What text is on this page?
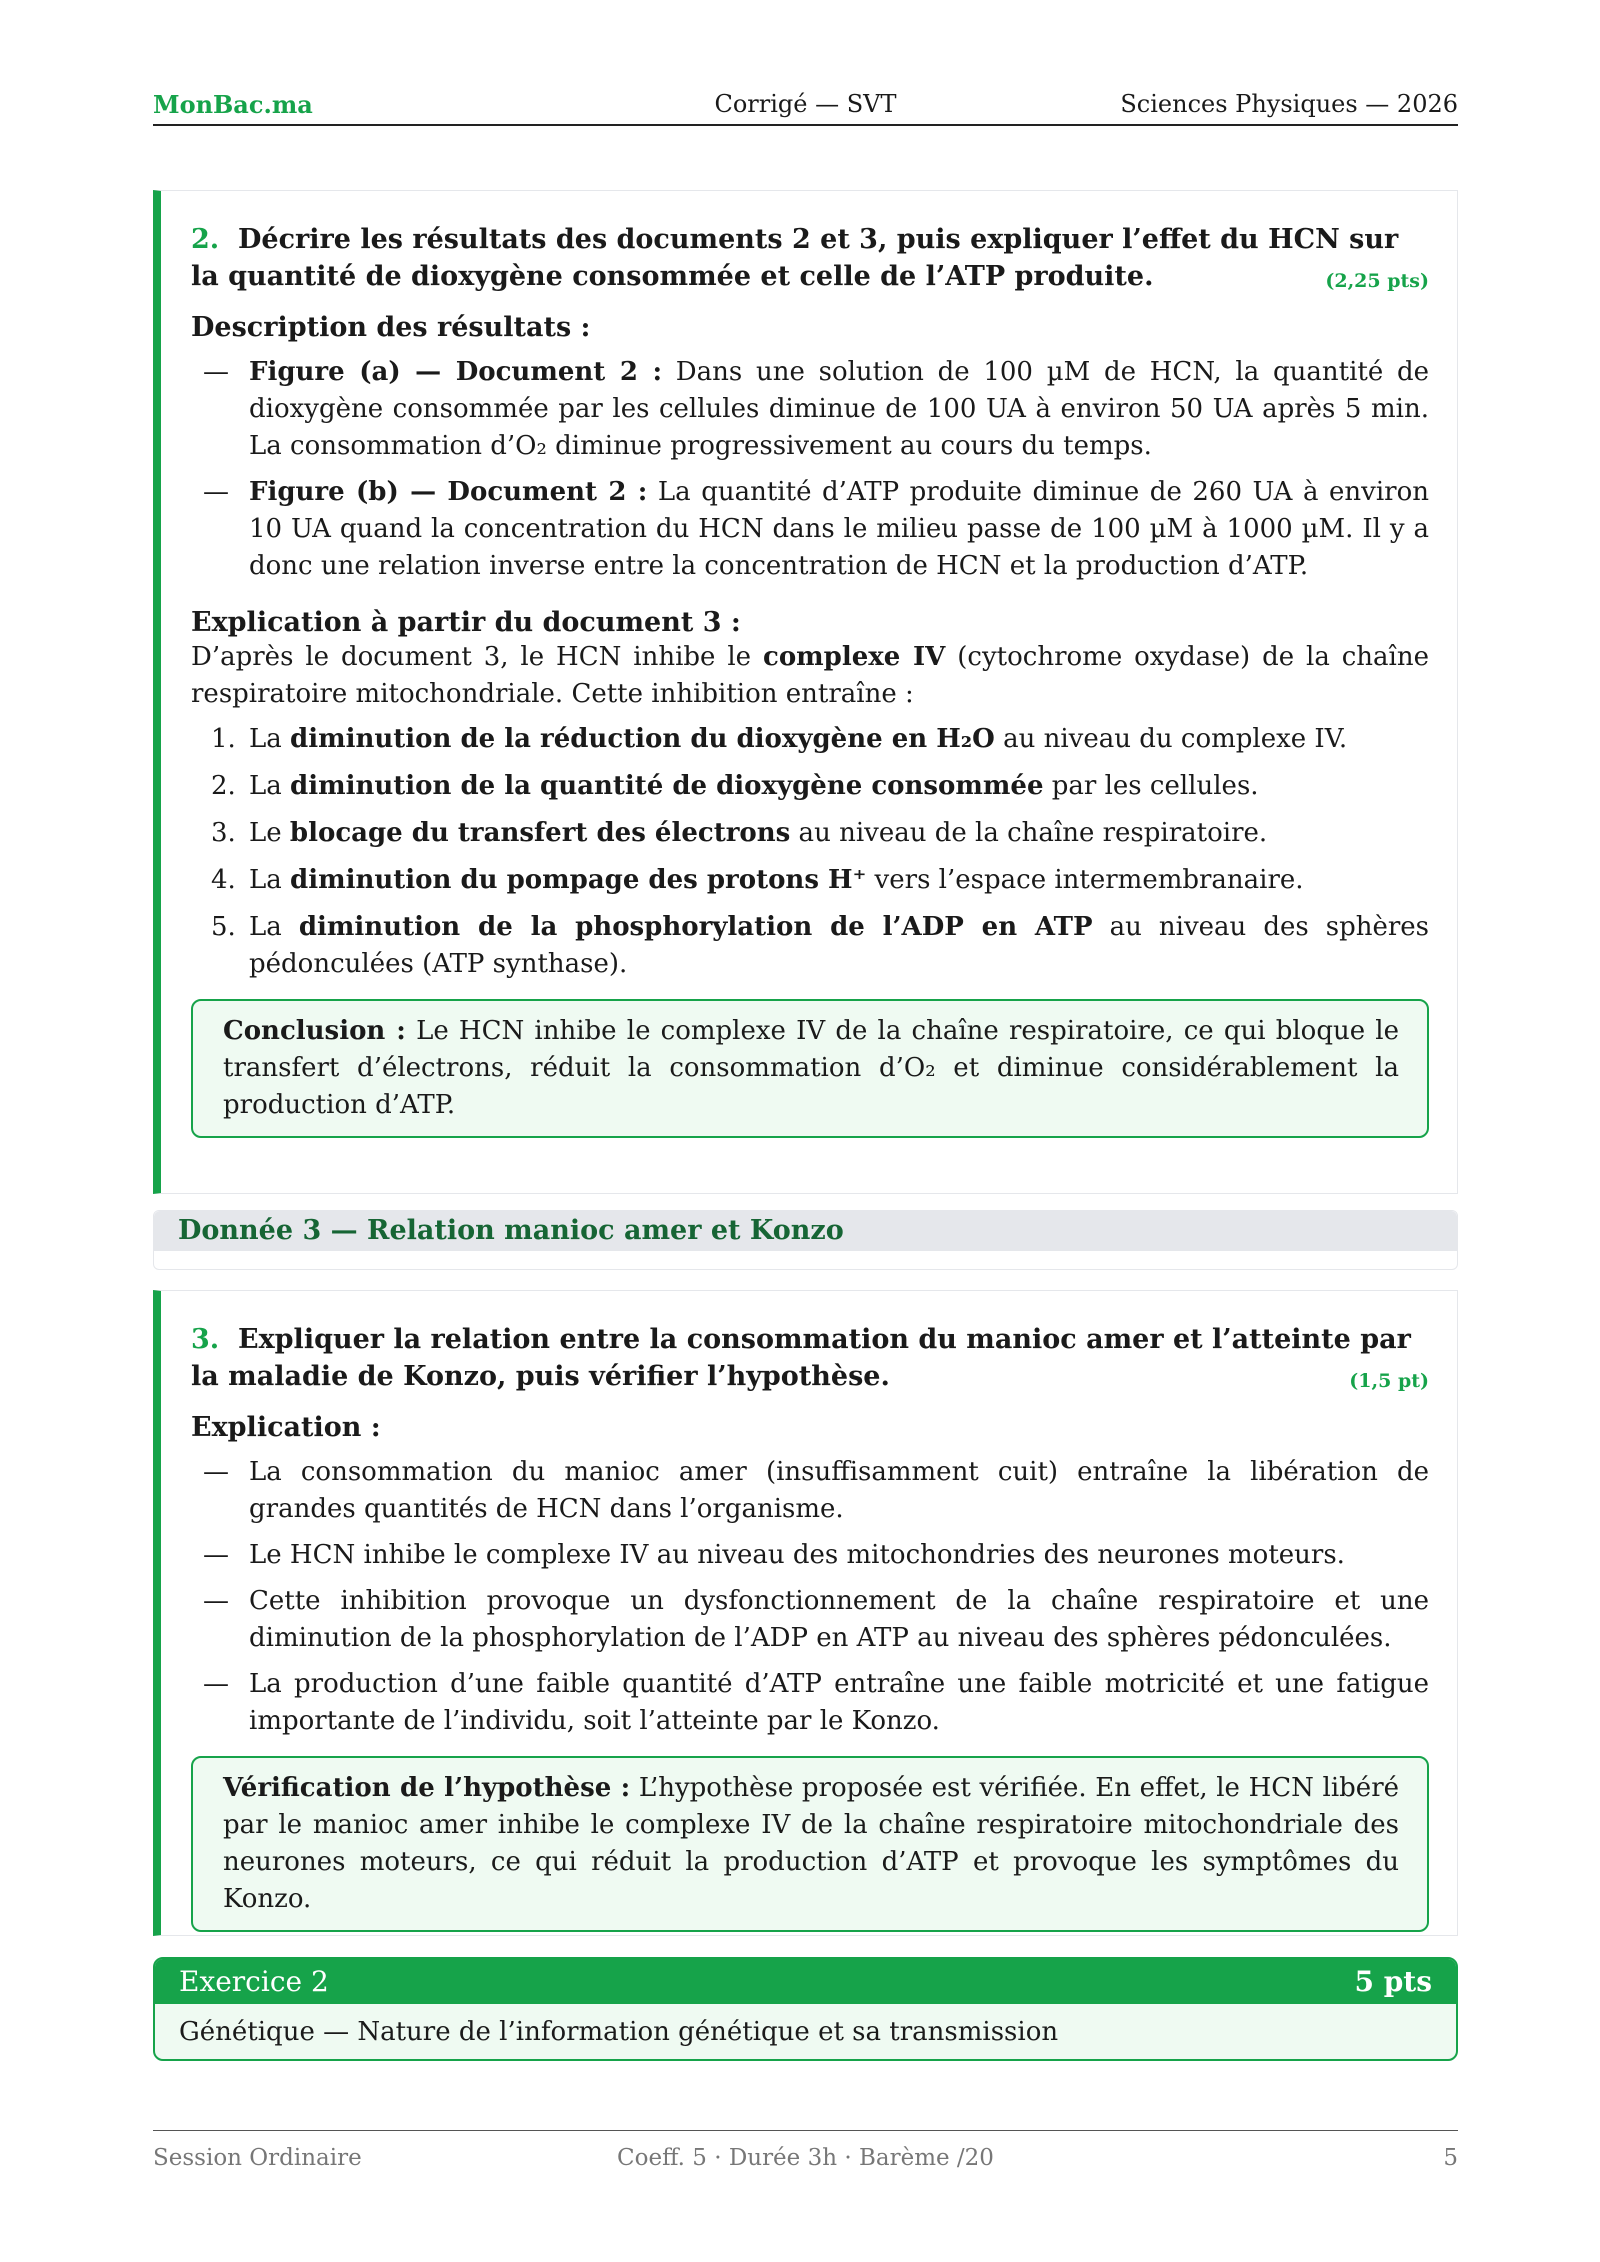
MonBac.ma	Corrigé — SVT	Sciences Physiques — 2026
2. Décrire les résultats des documents 2 et 3, puis expliquer l’effet du HCN sur la quantité de dioxygène consommée et celle de l’ATP produite.	(2,25 pts)
Description des résultats :
— Figure (a) — Document 2 : Dans une solution de 100 µM de HCN, la quantité de dioxygène consommée par les cellules diminue de 100 UA à environ 50 UA après 5 min. La consommation d’O₂ diminue progressivement au cours du temps.
— Figure (b) — Document 2 : La quantité d’ATP produite diminue de 260 UA à environ 10 UA quand la concentration du HCN dans le milieu passe de 100 µM à 1000 µM. Il y a donc une relation inverse entre la concentration de HCN et la production d’ATP.
Explication à partir du document 3 :
D’après le document 3, le HCN inhibe le complexe IV (cytochrome oxydase) de la chaîne respiratoire mitochondriale. Cette inhibition entraîne :
1. La diminution de la réduction du dioxygène en H₂O au niveau du complexe IV.
2. La diminution de la quantité de dioxygène consommée par les cellules.
3. Le blocage du transfert des électrons au niveau de la chaîne respiratoire.
4. La diminution du pompage des protons H⁺ vers l’espace intermembranaire.
5. La diminution de la phosphorylation de l’ADP en ATP au niveau des sphères pédonculées (ATP synthase).
Conclusion : Le HCN inhibe le complexe IV de la chaîne respiratoire, ce qui bloque le transfert d’électrons, réduit la consommation d’O₂ et diminue considérablement la production d’ATP.
Donnée 3 — Relation manioc amer et Konzo
3. Expliquer la relation entre la consommation du manioc amer et l’atteinte par la maladie de Konzo, puis vérifier l’hypothèse.	(1,5 pt)
Explication :
— La consommation du manioc amer (insuffisamment cuit) entraîne la libération de grandes quantités de HCN dans l’organisme.
— Le HCN inhibe le complexe IV au niveau des mitochondries des neurones moteurs.
— Cette inhibition provoque un dysfonctionnement de la chaîne respiratoire et une diminution de la phosphorylation de l’ADP en ATP au niveau des sphères pédonculées.
— La production d’une faible quantité d’ATP entraîne une faible motricité et une fatigue importante de l’individu, soit l’atteinte par le Konzo.
Vérification de l’hypothèse : L’hypothèse proposée est vérifiée. En effet, le HCN libéré par le manioc amer inhibe le complexe IV de la chaîne respiratoire mitochondriale des neurones moteurs, ce qui réduit la production d’ATP et provoque les symptômes du Konzo.
Exercice 2	5 pts
Génétique — Nature de l’information génétique et sa transmission
Session Ordinaire	Coeff. 5 · Durée 3h · Barème /20	5
